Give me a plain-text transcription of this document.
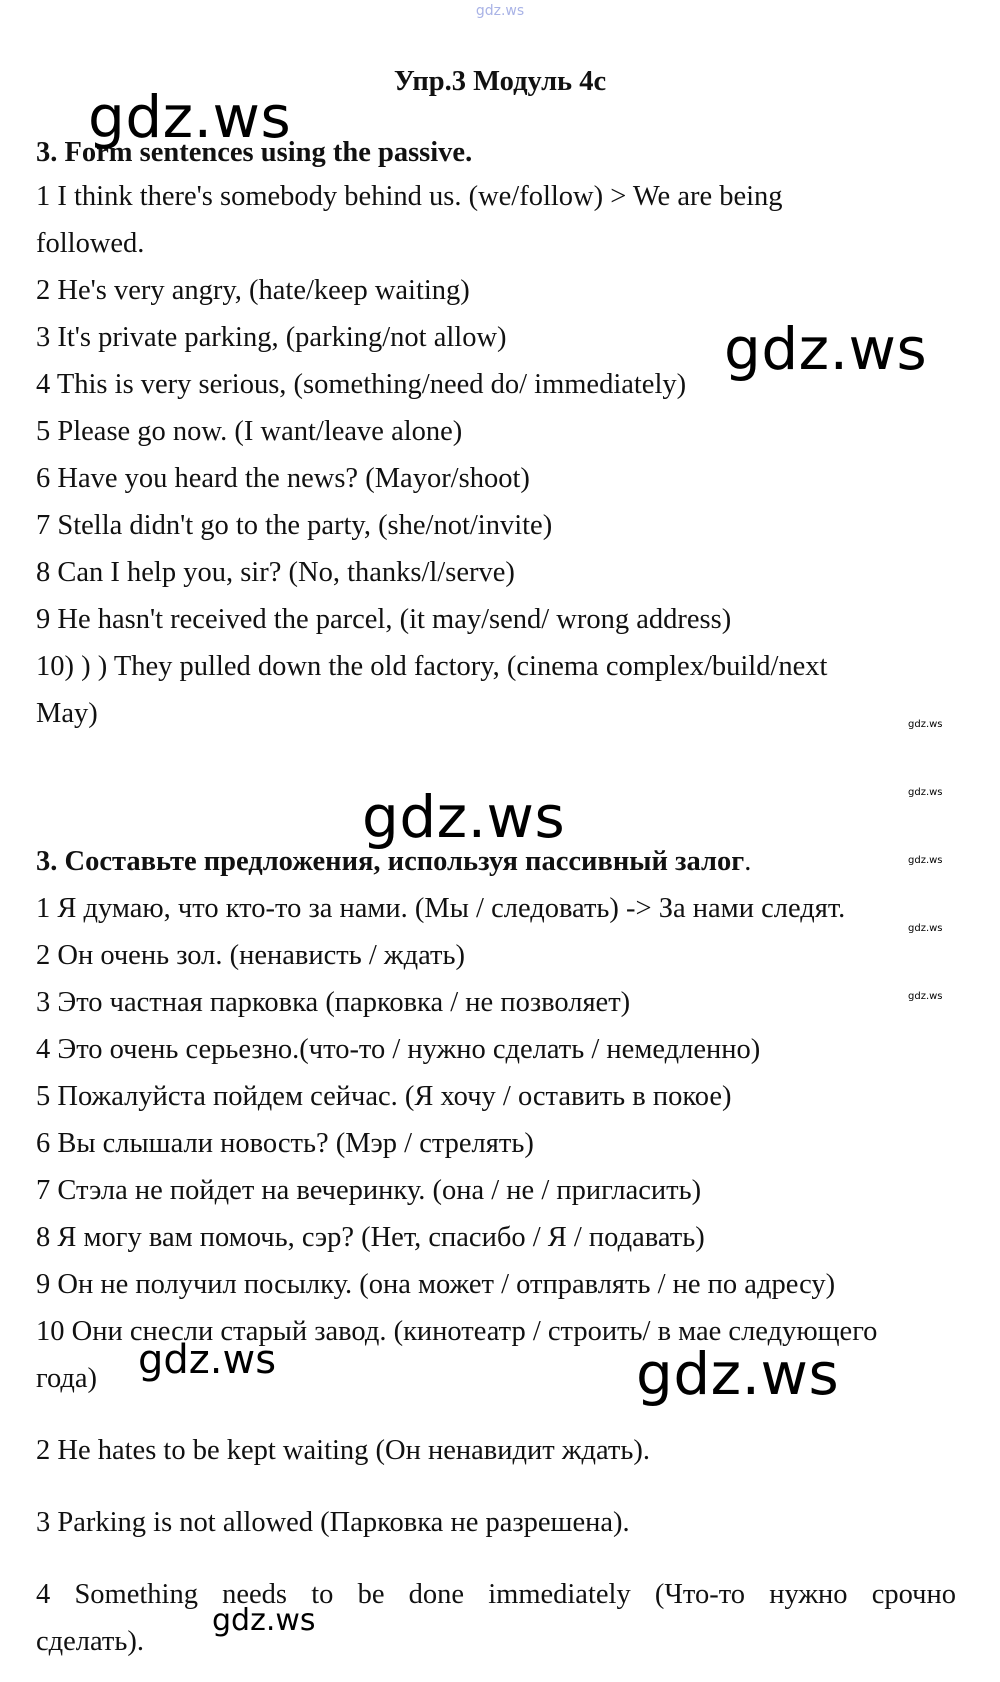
gdz.ws

Упр.3 Модуль 4с

3. Form sentences using the passive.

1 I think there's somebody behind us. (we/follow) > We are being

followed.

2 He's very angry, (hate/keep waiting)

3 It's private parking, (parking/not allow)

4 This is very serious, (something/need do/ immediately)

5 Please go now. (I want/leave alone)

6 Have you heard the news? (Mayor/shoot)

7 Stella didn't go to the party, (she/not/invite)

8 Can I help you, sir? (No, thanks/l/serve)

9 He hasn't received the parcel, (it may/send/ wrong address)

10) ) ) They pulled down the old factory, (cinema complex/build/next

May)

3. Составьте предложения, используя пассивный залог.

1 Я думаю, что кто-то за нами. (Мы / следовать) -> За нами следят.

2 Он очень зол. (ненависть / ждать)

3 Это частная парковка (парковка / не позволяет)

4 Это очень серьезно.(что-то / нужно сделать / немедленно)

5 Пожалуйста пойдем сейчас. (Я хочу / оставить в покое)

6 Вы слышали новость? (Мэр / стрелять)

7 Стэла не пойдет на вечеринку. (она / не / пригласить)

8 Я могу вам помочь, сэр? (Нет, спасибо / Я / подавать)

9 Он не получил посылку. (она может / отправлять / не по адресу)

10 Они снесли старый завод. (кинотеатр / строить/ в мае следующего

года)

2 He hates to be kept waiting (Он ненавидит ждать).

3 Parking is not allowed (Парковка не разрешена).

4 Something needs to be done immediately (Что-то нужно срочно

сделать).

gdz.ws

gdz.ws

gdz.ws

gdz.ws

gdz.ws

gdz.ws

gdz.ws

gdz.ws

gdz.ws

gdz.ws

gdz.ws
